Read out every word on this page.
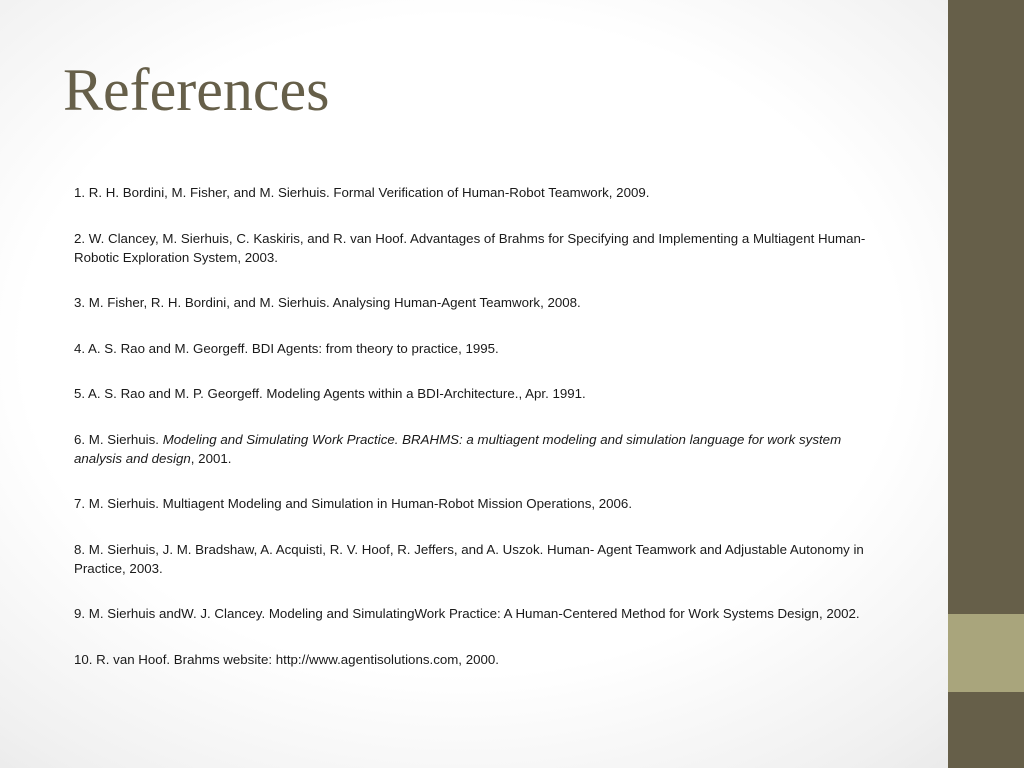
References
1. R. H. Bordini, M. Fisher, and M. Sierhuis. Formal Verification of Human-Robot Teamwork, 2009.
2. W. Clancey, M. Sierhuis, C. Kaskiris, and R. van Hoof. Advantages of Brahms for Specifying and Implementing a Multiagent Human-Robotic Exploration System, 2003.
3. M. Fisher, R. H. Bordini, and M. Sierhuis. Analysing Human-Agent Teamwork, 2008.
4. A. S. Rao and M. Georgeff. BDI Agents: from theory to practice, 1995.
5. A. S. Rao and M. P. Georgeff. Modeling Agents within a BDI-Architecture., Apr. 1991.
6. M. Sierhuis. Modeling and Simulating Work Practice. BRAHMS: a multiagent modeling and simulation language for work system analysis and design, 2001.
7. M. Sierhuis. Multiagent Modeling and Simulation in Human-Robot Mission Operations, 2006.
8. M. Sierhuis, J. M. Bradshaw, A. Acquisti, R. V. Hoof, R. Jeffers, and A. Uszok. Human- Agent Teamwork and Adjustable Autonomy in Practice, 2003.
9. M. Sierhuis andW. J. Clancey. Modeling and SimulatingWork Practice: A Human-Centered Method for Work Systems Design, 2002.
10. R. van Hoof. Brahms website: http://www.agentisolutions.com, 2000.
